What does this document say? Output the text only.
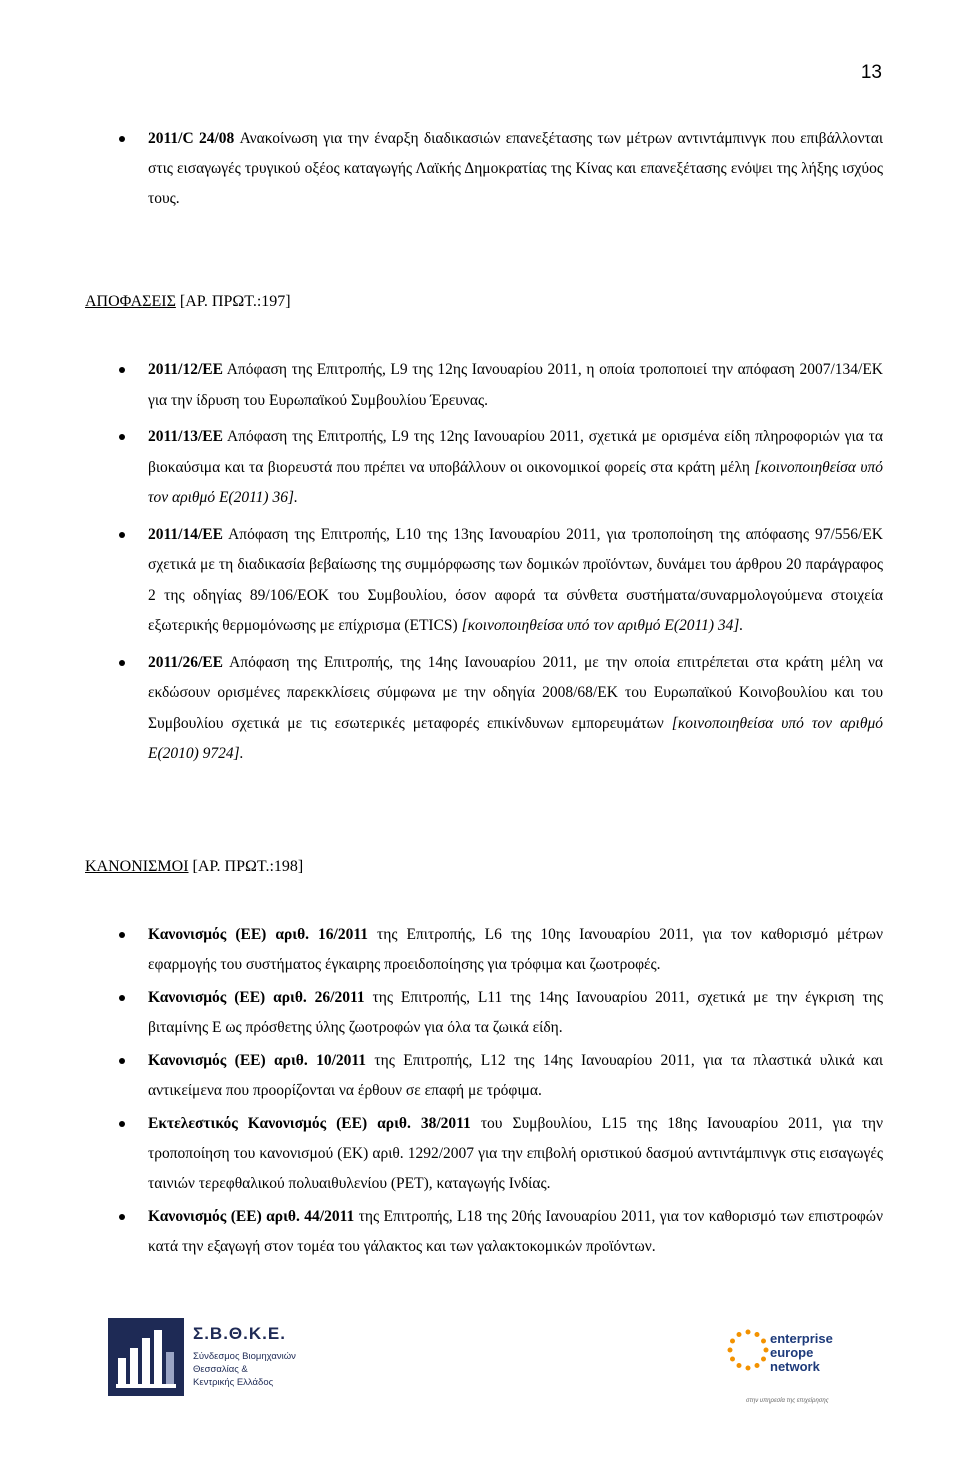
13
2011/C 24/08 Ανακοίνωση για την έναρξη διαδικασιών επανεξέτασης των μέτρων αντιντάμπινγκ που επιβάλλονται στις εισαγωγές τρυγικού οξέος καταγωγής Λαϊκής Δημοκρατίας της Κίνας και επανεξέτασης ενόψει της λήξης ισχύος τους.
ΑΠΟΦΑΣΕΙΣ [ΑΡ. ΠΡΩΤ.:197]
2011/12/ΕΕ Απόφαση της Επιτροπής, L9 της 12ης Ιανουαρίου 2011, η οποία τροποποιεί την απόφαση 2007/134/ΕΚ για την ίδρυση του Ευρωπαϊκού Συμβουλίου Έρευνας.
2011/13/ΕΕ Απόφαση της Επιτροπής, L9 της 12ης Ιανουαρίου 2011, σχετικά με ορισμένα είδη πληροφοριών για τα βιοκαύσιμα και τα βιορευστά που πρέπει να υποβάλλουν οι οικονομικοί φορείς στα κράτη μέλη [κοινοποιηθείσα υπό τον αριθμό Ε(2011) 36].
2011/14/ΕΕ Απόφαση της Επιτροπής, L10 της 13ης Ιανουαρίου 2011, για τροποποίηση της απόφασης 97/556/ΕΚ σχετικά με τη διαδικασία βεβαίωσης της συμμόρφωσης των δομικών προϊόντων, δυνάμει του άρθρου 20 παράγραφος 2 της οδηγίας 89/106/ΕΟΚ του Συμβουλίου, όσον αφορά τα σύνθετα συστήματα/συναρμολογούμενα στοιχεία εξωτερικής θερμομόνωσης με επίχρισμα (ETICS) [κοινοποιηθείσα υπό τον αριθμό Ε(2011) 34].
2011/26/ΕΕ Απόφαση της Επιτροπής, της 14ης Ιανουαρίου 2011, με την οποία επιτρέπεται στα κράτη μέλη να εκδώσουν ορισμένες παρεκκλίσεις σύμφωνα με την οδηγία 2008/68/ΕΚ του Ευρωπαϊκού Κοινοβουλίου και του Συμβουλίου σχετικά με τις εσωτερικές μεταφορές επικίνδυνων εμπορευμάτων [κοινοποιηθείσα υπό τον αριθμό Ε(2010) 9724].
ΚΑΝΟΝΙΣΜΟΙ [ΑΡ. ΠΡΩΤ.:198]
Κανονισμός (ΕΕ) αριθ. 16/2011 της Επιτροπής, L6 της 10ης Ιανουαρίου 2011, για τον καθορισμό μέτρων εφαρμογής του συστήματος έγκαιρης προειδοποίησης για τρόφιμα και ζωοτροφές.
Κανονισμός (ΕΕ) αριθ. 26/2011 της Επιτροπής, L11 της 14ης Ιανουαρίου 2011, σχετικά με την έγκριση της βιταμίνης Ε ως πρόσθετης ύλης ζωοτροφών για όλα τα ζωικά είδη.
Κανονισμός (ΕΕ) αριθ. 10/2011 της Επιτροπής, L12 της 14ης Ιανουαρίου 2011, για τα πλαστικά υλικά και αντικείμενα που προορίζονται να έρθουν σε επαφή με τρόφιμα.
Εκτελεστικός Κανονισμός (ΕΕ) αριθ. 38/2011 του Συμβουλίου, L15 της 18ης Ιανουαρίου 2011, για την τροποποίηση του κανονισμού (ΕΚ) αριθ. 1292/2007 για την επιβολή οριστικού δασμού αντιντάμπινγκ στις εισαγωγές ταινιών τερεφθαλικού πολυαιθυλενίου (PET), καταγωγής Ινδίας.
Κανονισμός (ΕΕ) αριθ. 44/2011 της Επιτροπής, L18 της 20ής Ιανουαρίου 2011, για τον καθορισμό των επιστροφών κατά την εξαγωγή στον τομέα του γάλακτος και των γαλακτοκομικών προϊόντων.
Σ.Β.Θ.Κ.Ε.
Σύνδεσμος Βιομηχανιών
Θεσσαλίας &
Κεντρικής Ελλάδος
enterprise
europe
network
στην υπηρεσία της επιχείρησης
